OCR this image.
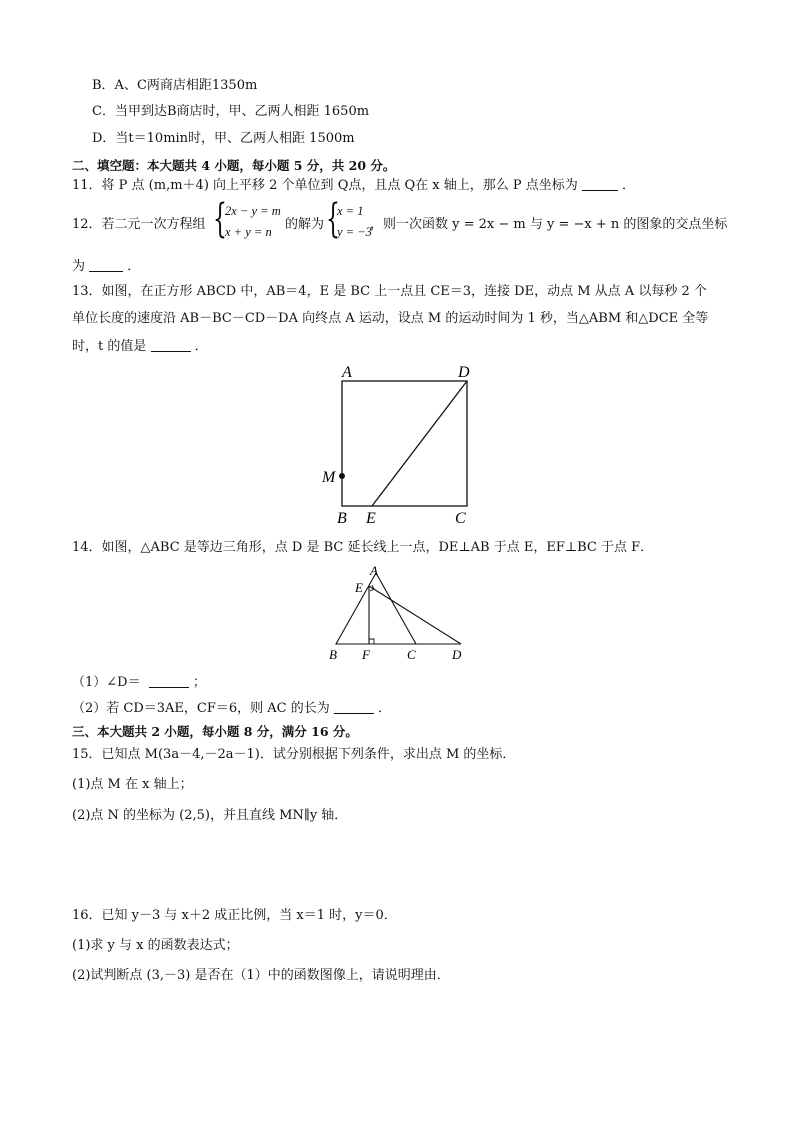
B．A、C两商店相距1350m
C．当甲到达B商店时，甲、乙两人相距 1650m
D．当t＝10min时，甲、乙两人相距 1500m
二、填空题：本大题共 4 小题，每小题 5 分，共 20 分。
11．将 P 点 (m,m＋4) 向上平移 2 个单位到 Q点，且点 Q在 x 轴上，那么 P 点坐标为	．
12．若二元一次方程组 {
2x − y = m
x + y = n 的解为 {
x = 1
y = −3
，则一次函数 y = 2x − m 与 y = −x + n 的图象的交点坐标
为	．
13．如图，在正方形 ABCD 中，AB＝4，E 是 BC 上一点且 CE＝3，连接 DE，动点 M 从点 A 以每秒 2 个
单位长度的速度沿 AB－BC－CD－DA 向终点 A 运动，设点 M 的运动时间为 1 秒，当△ABM 和△DCE 全等
时，t 的值是	．
A	D
M
B E	C
14．如图，△ABC 是等边三角形，点 D 是 BC 延长线上一点，DE⊥AB 于点 E，EF⊥BC 于点 F．
A
E
B F	C	D
（1）∠D＝	；
（2）若 CD＝3AE，CF＝6，则 AC 的长为	．
三、本大题共 2 小题，每小题 8 分，满分 16 分。
15．已知点 M(3a－4,－2a－1)．试分别根据下列条件，求出点 M 的坐标．
(1)点 M 在 x 轴上；
(2)点 N 的坐标为 (2,5)，并且直线 MN∥y 轴．
16．已知 y－3 与 x＋2 成正比例，当 x＝1 时，y＝0．
(1)求 y 与 x 的函数表达式；
(2)试判断点 (3,－3) 是否在（1）中的函数图像上，请说明理由．
